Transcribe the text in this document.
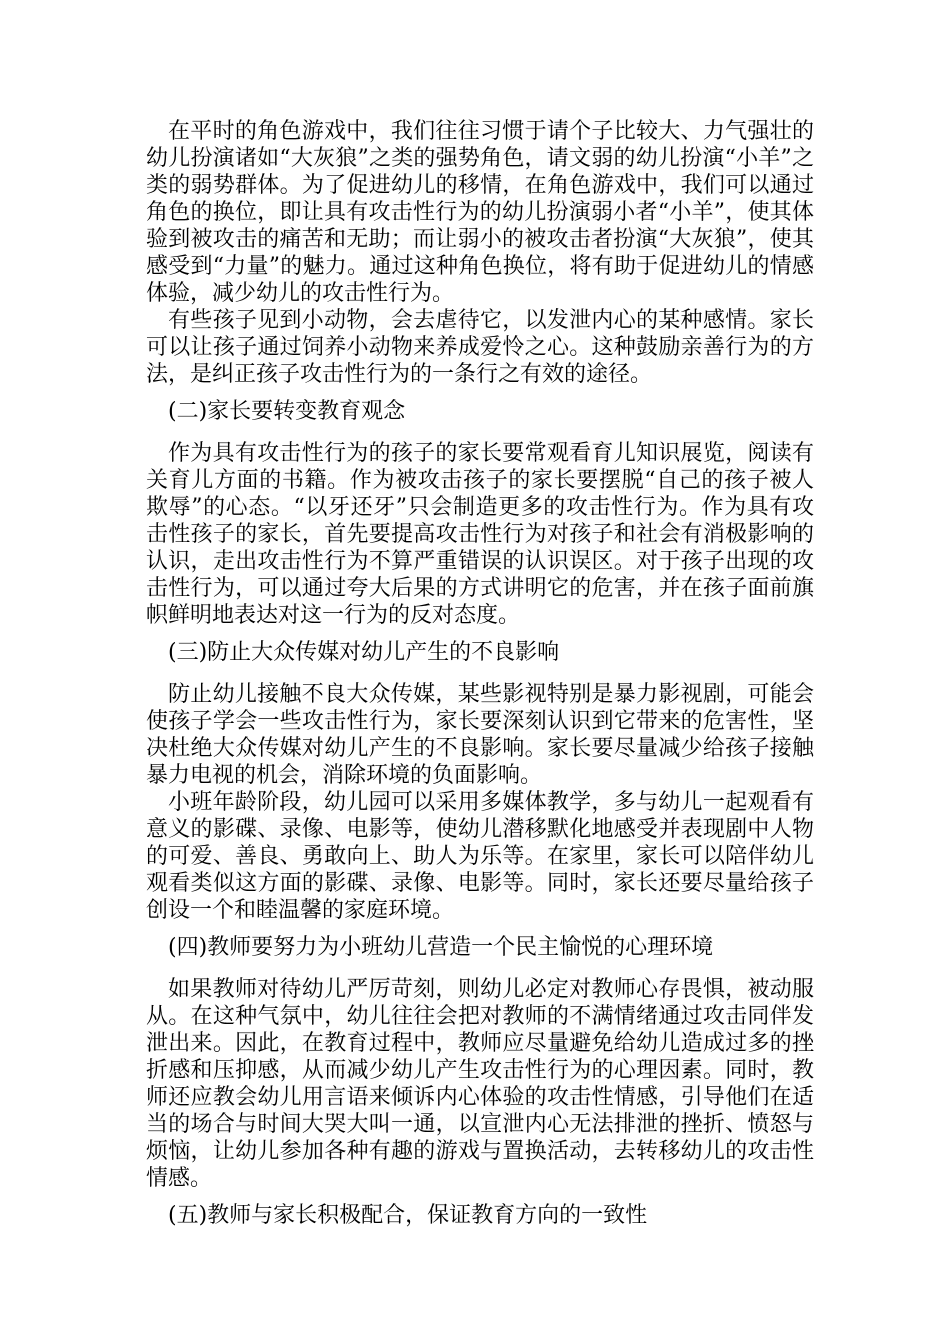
在平时的角色游戏中，我们往往习惯于请个子比较大、力气强壮的幼儿扮演诸如“大灰狼”之类的强势角色，请文弱的幼儿扮演“小羊”之类的弱势群体。为了促进幼儿的移情，在角色游戏中，我们可以通过角色的换位，即让具有攻击性行为的幼儿扮演弱小者“小羊”，使其体验到被攻击的痛苦和无助；而让弱小的被攻击者扮演“大灰狼”，使其感受到“力量”的魅力。通过这种角色换位，将有助于促进幼儿的情感体验，减少幼儿的攻击性行为。

有些孩子见到小动物，会去虐待它，以发泄内心的某种感情。家长可以让孩子通过饲养小动物来养成爱怜之心。这种鼓励亲善行为的方法，是纠正孩子攻击性行为的一条行之有效的途径。

(二)家长要转变教育观念

作为具有攻击性行为的孩子的家长要常观看育儿知识展览，阅读有关育儿方面的书籍。作为被攻击孩子的家长要摆脱“自己的孩子被人欺辱”的心态。“以牙还牙”只会制造更多的攻击性行为。作为具有攻击性孩子的家长，首先要提高攻击性行为对孩子和社会有消极影响的认识，走出攻击性行为不算严重错误的认识误区。对于孩子出现的攻击性行为，可以通过夸大后果的方式讲明它的危害，并在孩子面前旗帜鲜明地表达对这一行为的反对态度。

(三)防止大众传媒对幼儿产生的不良影响

防止幼儿接触不良大众传媒，某些影视特别是暴力影视剧，可能会使孩子学会一些攻击性行为，家长要深刻认识到它带来的危害性，坚决杜绝大众传媒对幼儿产生的不良影响。家长要尽量减少给孩子接触暴力电视的机会，消除环境的负面影响。

小班年龄阶段，幼儿园可以采用多媒体教学，多与幼儿一起观看有意义的影碟、录像、电影等，使幼儿潜移默化地感受并表现剧中人物的可爱、善良、勇敢向上、助人为乐等。在家里，家长可以陪伴幼儿观看类似这方面的影碟、录像、电影等。同时，家长还要尽量给孩子创设一个和睦温馨的家庭环境。

(四)教师要努力为小班幼儿营造一个民主愉悦的心理环境

如果教师对待幼儿严厉苛刻，则幼儿必定对教师心存畏惧，被动服从。在这种气氛中，幼儿往往会把对教师的不满情绪通过攻击同伴发泄出来。因此，在教育过程中，教师应尽量避免给幼儿造成过多的挫折感和压抑感，从而减少幼儿产生攻击性行为的心理因素。同时，教师还应教会幼儿用言语来倾诉内心体验的攻击性情感，引导他们在适当的场合与时间大哭大叫一通，以宣泄内心无法排泄的挫折、愤怒与烦恼，让幼儿参加各种有趣的游戏与置换活动，去转移幼儿的攻击性情感。

(五)教师与家长积极配合，保证教育方向的一致性
